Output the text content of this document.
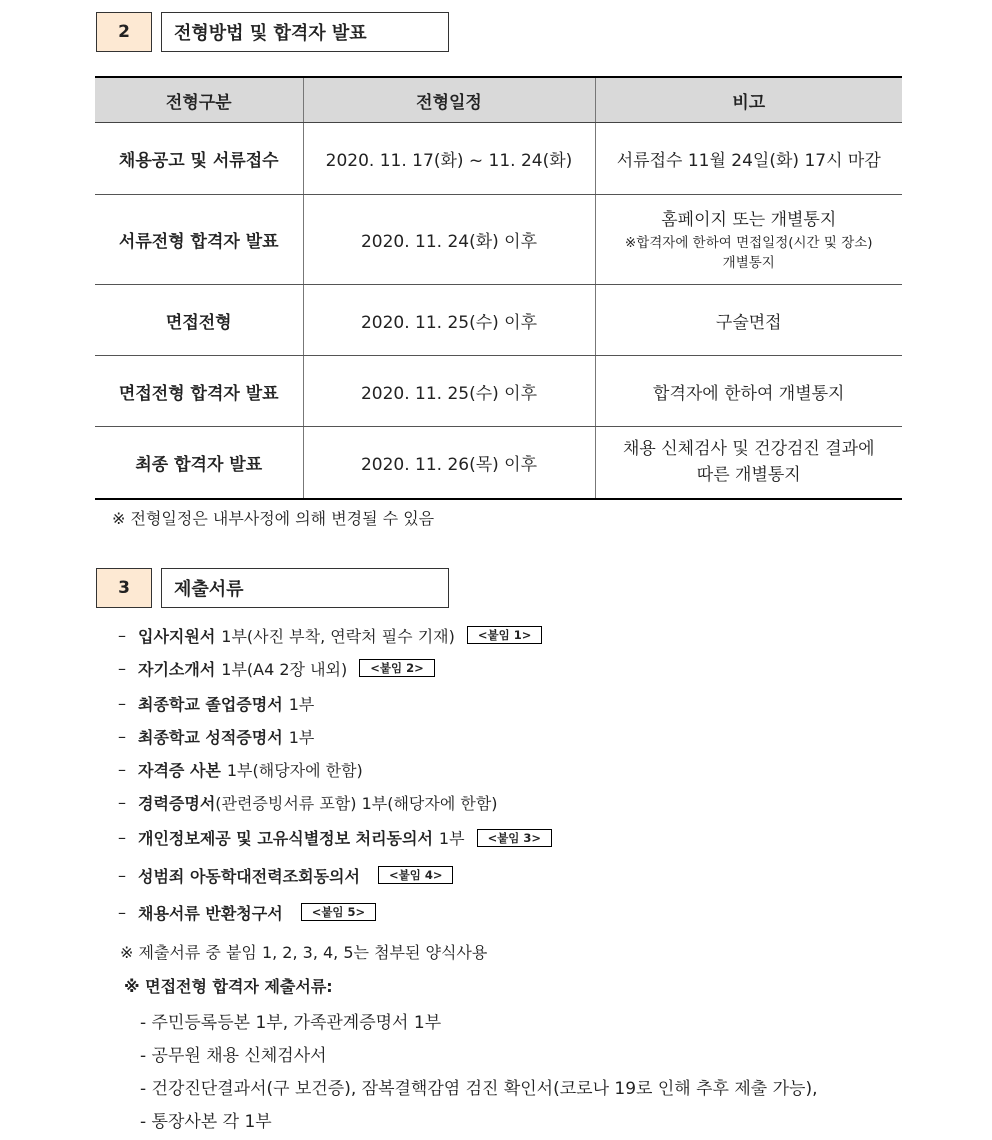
2	전형방법 및 합격자 발표
전형구분	전형일정	비고
채용공고 및 서류접수	2020. 11. 17(화) ~ 11. 24(화)	서류접수 11월 24일(화) 17시 마감
서류전형 합격자 발표	2020. 11. 24(화) 이후	홈페이지 또는 개별통지
※합격자에 한하여 면접일정(시간 및 장소)
개별통지

면접전형	2020. 11. 25(수) 이후	구술면접
면접전형 합격자 발표	2020. 11. 25(수) 이후	합격자에 한하여 개별통지
최종 합격자 발표	2020. 11. 26(목) 이후	채용 신체검사 및 건강검진 결과에
따른 개별통지
※ 전형일정은 내부사정에 의해 변경될 수 있음
3	제출서류
– 입사지원서 1부(사진 부착, 연락처 필수 기재)	<붙임 1>
– 자기소개서 1부(A4 2장 내외)	<붙임 2>
– 최종학교 졸업증명서 1부
– 최종학교 성적증명서 1부
– 자격증 사본 1부(해당자에 한함)
– 경력증명서 (관련증빙서류 포함) 1부(해당자에 한함)
– 개인정보제공 및 고유식별정보 처리동의서 1부	<붙임 3>
– 성범죄 아동학대전력조회동의서	<붙임 4>
– 채용서류 반환청구서	<붙임 5>
※ 제출서류 중 붙임 1, 2, 3, 4, 5는 첨부된 양식사용
※ 면접전형 합격자 제출서류:
- 주민등록등본 1부, 가족관계증명서 1부
- 공무원 채용 신체검사서
- 건강진단결과서(구 보건증), 잠복결핵감염 검진 확인서(코로나 19로 인해 추후 제출 가능),
- 통장사본 각 1부
